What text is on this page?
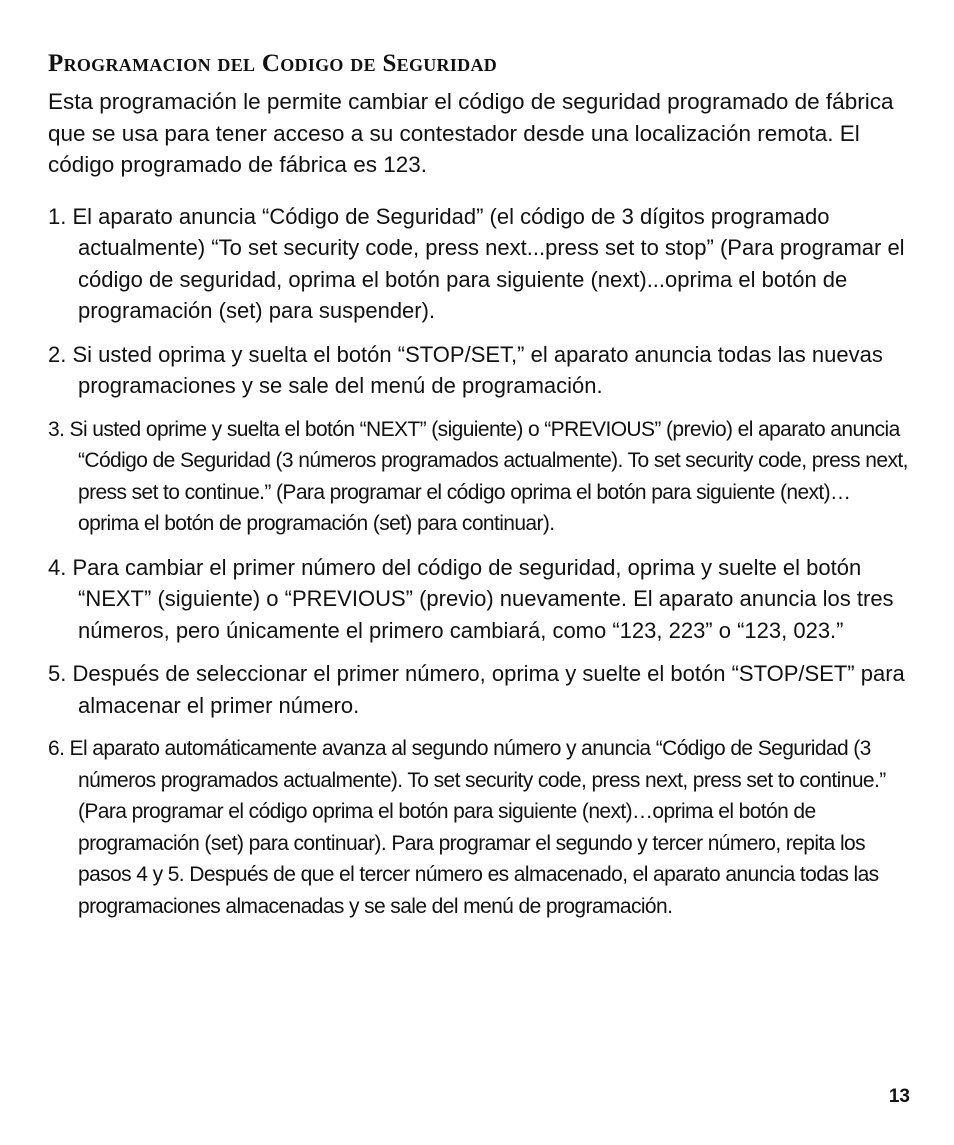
Programacion del Codigo de Seguridad

Esta programación le permite cambiar el código de seguridad programado de fábrica que se usa para tener acceso a su contestador desde una localización remota. El código programado de fábrica es 123.

1. El aparato anuncia “Código de Seguridad” (el código de 3 dígitos programado actualmente) “To set security code, press next...press set to stop” (Para programar el código de seguridad, oprima el botón para siguiente (next)...oprima el botón de programación (set) para suspender).

2. Si usted oprima y suelta el botón “STOP/SET,” el aparato anuncia todas las nuevas programaciones y se sale del menú de programación.

3. Si usted oprime y suelta el botón “NEXT” (siguiente) o “PREVIOUS” (previo) el aparato anuncia “Código de Seguridad (3 números programados actualmente). To set security code, press next, press set to continue.” (Para programar el código oprima el botón para siguiente (next)…oprima el botón de programación (set) para continuar).

4. Para cambiar el primer número del código de seguridad, oprima y suelte el botón “NEXT” (siguiente) o “PREVIOUS” (previo) nuevamente. El aparato anuncia los tres números, pero únicamente el primero cambiará, como “123, 223” o “123, 023.”

5. Después de seleccionar el primer número, oprima y suelte el botón “STOP/SET” para almacenar el primer número.

6. El aparato automáticamente avanza al segundo número y anuncia “Código de Seguridad (3 números programados actualmente). To set security code, press next, press set to continue.” (Para programar el código oprima el botón para siguiente (next)…oprima el botón de programación (set) para continuar). Para programar el segundo y tercer número, repita los pasos 4 y 5. Después de que el tercer número es almacenado, el aparato anuncia todas las programaciones almacenadas y se sale del menú de programación.

13
